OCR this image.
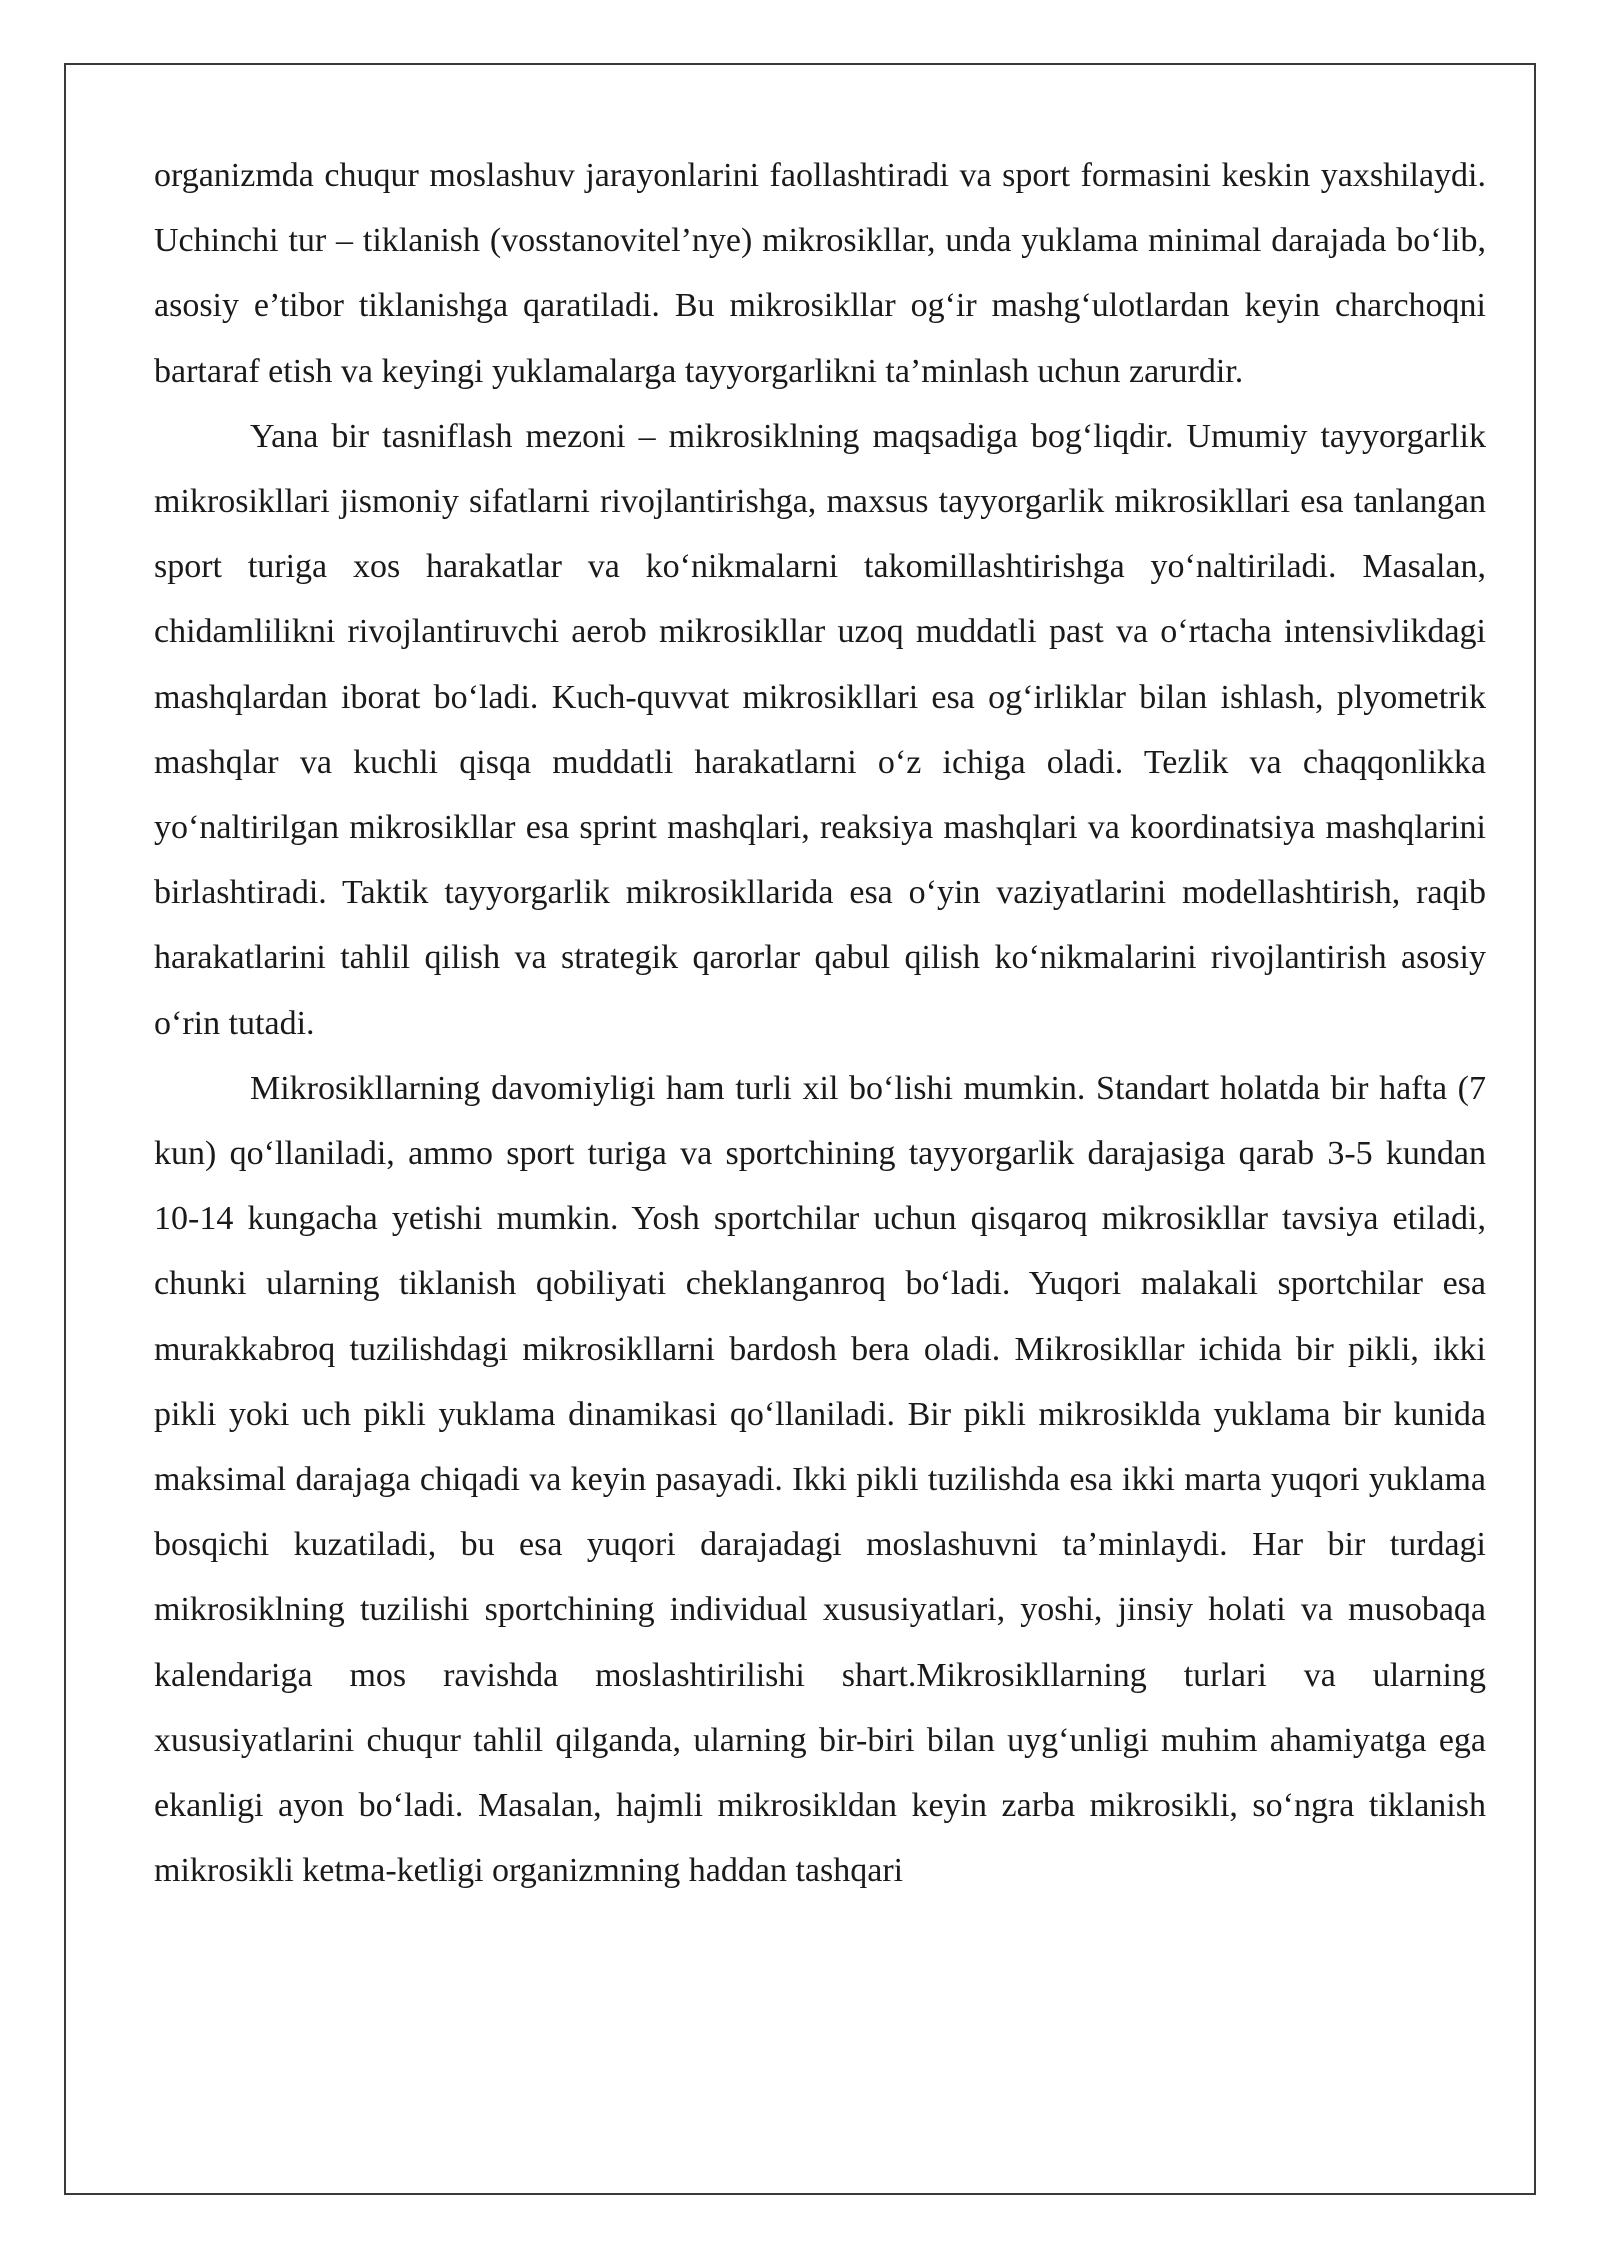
organizmda chuqur moslashuv jarayonlarini faollashtiradi va sport formasini keskin yaxshilaydi. Uchinchi tur – tiklanish (vosstanovitel’nye) mikrosikllar, unda yuklama minimal darajada bo‘lib, asosiy e’tibor tiklanishga qaratiladi. Bu mikrosikllar og‘ir mashg‘ulotlardan keyin charchoqni bartaraf etish va keyingi yuklamalarga tayyorgarlikni ta’minlash uchun zarurdir.

Yana bir tasniflash mezoni – mikrosiklning maqsadiga bog‘liqdir. Umumiy tayyorgarlik mikrosikllari jismoniy sifatlarni rivojlantirishga, maxsus tayyorgarlik mikrosikllari esa tanlangan sport turiga xos harakatlar va ko‘nikmalarni takomillashtirishga yo‘naltiriladi. Masalan, chidamlilikni rivojlantiruvchi aerob mikrosikllar uzoq muddatli past va o‘rtacha intensivlikdagi mashqlardan iborat bo‘ladi. Kuch-quvvat mikrosikllari esa og‘irliklar bilan ishlash, plyometrik mashqlar va kuchli qisqa muddatli harakatlarni o‘z ichiga oladi. Tezlik va chaqqonlikka yo‘naltirilgan mikrosikllar esa sprint mashqlari, reaksiya mashqlari va koordinatsiya mashqlarini birlashtiradi. Taktik tayyorgarlik mikrosikllarida esa o‘yin vaziyatlarini modellashtirish, raqib harakatlarini tahlil qilish va strategik qarorlar qabul qilish ko‘nikmalarini rivojlantirish asosiy o‘rin tutadi.

Mikrosikllarning davomiyligi ham turli xil bo‘lishi mumkin. Standart holatda bir hafta (7 kun) qo‘llaniladi, ammo sport turiga va sportchining tayyorgarlik darajasiga qarab 3-5 kundan 10-14 kungacha yetishi mumkin. Yosh sportchilar uchun qisqaroq mikrosikllar tavsiya etiladi, chunki ularning tiklanish qobiliyati cheklanganroq bo‘ladi. Yuqori malakali sportchilar esa murakkabroq tuzilishdagi mikrosikllarni bardosh bera oladi. Mikrosikllar ichida bir pikli, ikki pikli yoki uch pikli yuklama dinamikasi qo‘llaniladi. Bir pikli mikrosiklda yuklama bir kunida maksimal darajaga chiqadi va keyin pasayadi. Ikki pikli tuzilishda esa ikki marta yuqori yuklama bosqichi kuzatiladi, bu esa yuqori darajadagi moslashuvni ta’minlaydi. Har bir turdagi mikrosiklning tuzilishi sportchining individual xususiyatlari, yoshi, jinsiy holati va musobaqa kalendariga mos ravishda moslashtirilishi shart.Mikrosikllarning turlari va ularning xususiyatlarini chuqur tahlil qilganda, ularning bir-biri bilan uyg‘unligi muhim ahamiyatga ega ekanligi ayon bo‘ladi. Masalan, hajmli mikrosikldan keyin zarba mikrosikli, so‘ngra tiklanish mikrosikli ketma-ketligi organizmning haddan tashqari
